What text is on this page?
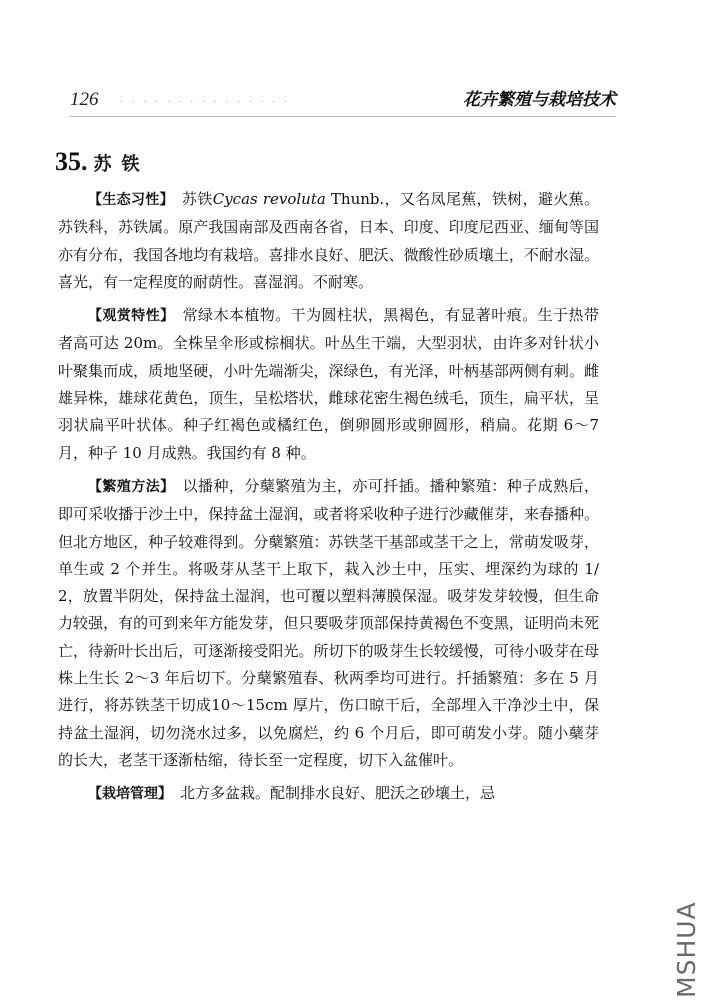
126 . . . . . . . . . . . . . . .	花卉繁殖与栽培技术
35. 苏铁

【生态习性】 苏铁Cycas revoluta Thunb.，又名凤尾蕉，铁树，避火蕉。苏铁科，苏铁属。原产我国南部及西南各省，日本、印度、印度尼西亚、缅甸等国亦有分布，我国各地均有栽培。喜排水良好、肥沃、微酸性砂质壤土，不耐水湿。喜光，有一定程度的耐荫性。喜湿润。不耐寒。

【观赏特性】 常绿木本植物。干为圆柱状，黑褐色，有显著叶痕。生于热带者高可达 20m。全株呈伞形或棕榈状。叶丛生干端，大型羽状，由许多对针状小叶聚集而成，质地坚硬，小叶先端渐尖，深绿色，有光泽，叶柄基部两侧有刺。雌雄异株，雄球花黄色，顶生，呈松塔状，雌球花密生褐色绒毛，顶生，扁平状，呈羽状扁平叶状体。种子红褐色或橘红色，倒卵圆形或卵圆形，稍扁。花期 6～7 月，种子 10 月成熟。我国约有 8 种。

【繁殖方法】 以播种，分蘖繁殖为主，亦可扦插。播种繁殖：种子成熟后，即可采收播于沙土中，保持盆土湿润，或者将采收种子进行沙藏催芽，来春播种。但北方地区，种子较难得到。分蘖繁殖：苏铁茎干基部或茎干之上，常萌发吸芽，单生或 2 个并生。将吸芽从茎干上取下，栽入沙土中，压实、埋深约为球的 1/2，放置半阴处，保持盆土湿润，也可覆以塑料薄膜保湿。吸芽发芽较慢，但生命力较强，有的可到来年方能发芽，但只要吸芽顶部保持黄褐色不变黑，证明尚未死亡，待新叶长出后，可逐渐接受阳光。所切下的吸芽生长较缓慢，可待小吸芽在母株上生长 2～3 年后切下。分蘖繁殖春、秋两季均可进行。扦插繁殖：多在 5 月进行，将苏铁茎干切成10～15cm 厚片，伤口晾干后，全部埋入干净沙土中，保持盆土湿润，切勿浇水过多，以免腐烂，约 6 个月后，即可萌发小芽。随小蘖芽的长大，老茎干逐渐枯缩，待长至一定程度，切下入盆催叶。

【栽培管理】 北方多盆栽。配制排水良好、肥沃之砂壤土，忌

MSHUA
